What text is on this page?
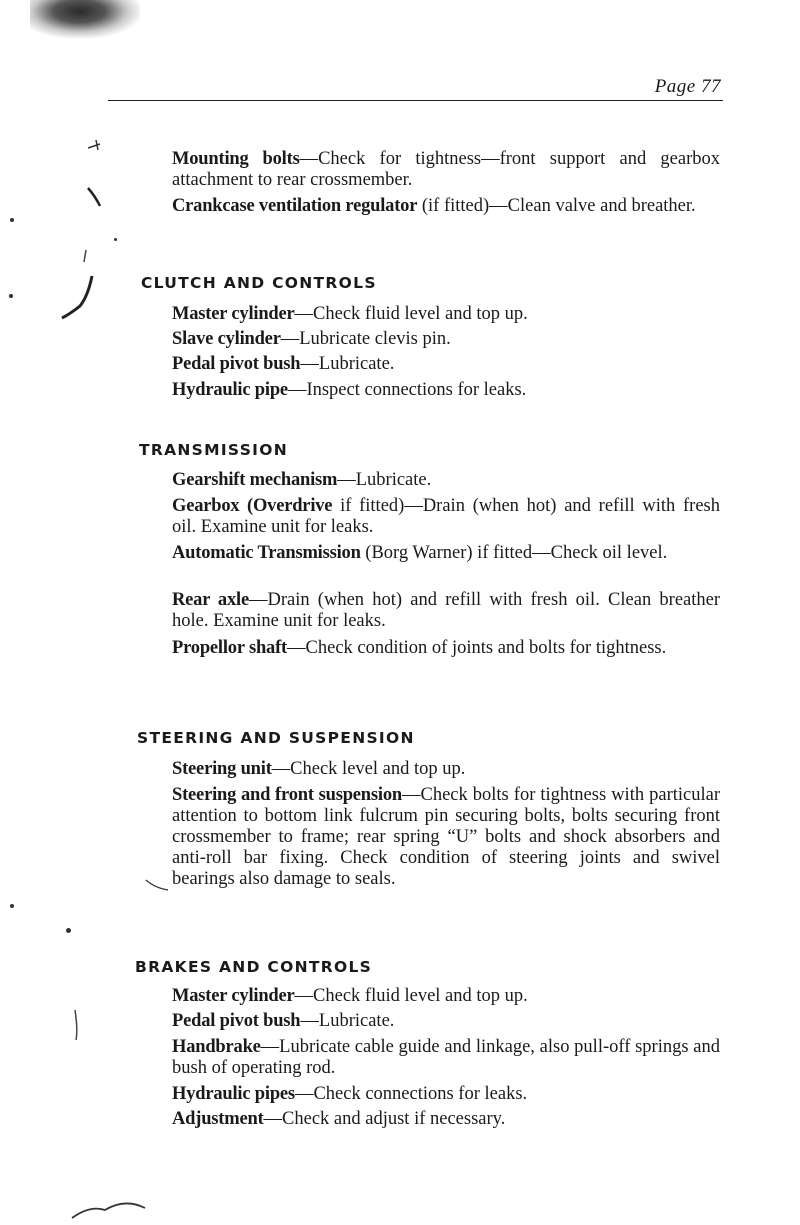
Page 77

Mounting bolts—Check for tightness—front support and gearbox attachment to rear crossmember.

Crankcase ventilation regulator (if fitted)—Clean valve and breather.

CLUTCH AND CONTROLS

Master cylinder—Check fluid level and top up.

Slave cylinder—Lubricate clevis pin.

Pedal pivot bush—Lubricate.

Hydraulic pipe—Inspect connections for leaks.

TRANSMISSION

Gearshift mechanism—Lubricate.

Gearbox (Overdrive if fitted)—Drain (when hot) and refill with fresh oil. Examine unit for leaks.

Automatic Transmission (Borg Warner) if fitted—Check oil level.

Rear axle—Drain (when hot) and refill with fresh oil. Clean breather hole. Examine unit for leaks.

Propellor shaft—Check condition of joints and bolts for tightness.

STEERING AND SUSPENSION

Steering unit—Check level and top up.

Steering and front suspension—Check bolts for tightness with particular attention to bottom link fulcrum pin securing bolts, bolts securing front crossmember to frame; rear spring “U” bolts and shock absorbers and anti-roll bar fixing. Check condition of steering joints and swivel bearings also damage to seals.

BRAKES AND CONTROLS

Master cylinder—Check fluid level and top up.

Pedal pivot bush—Lubricate.

Handbrake—Lubricate cable guide and linkage, also pull-off springs and bush of operating rod.

Hydraulic pipes—Check connections for leaks.

Adjustment—Check and adjust if necessary.
